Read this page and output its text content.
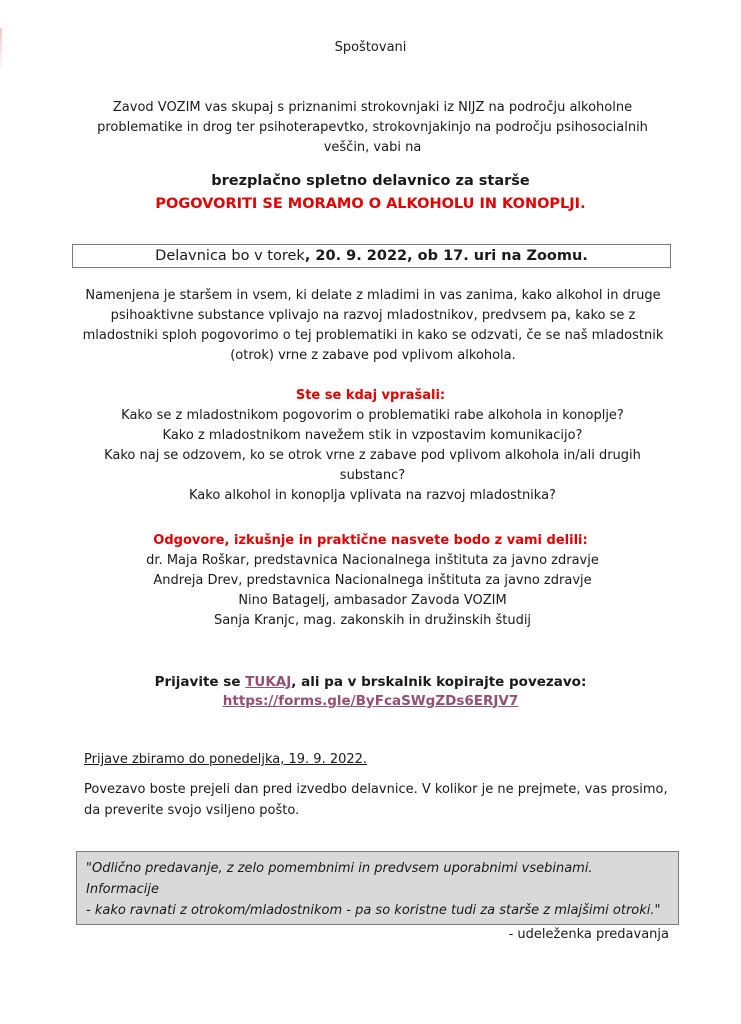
Spoštovani
Zavod VOZIM vas skupaj s priznanimi strokovnjaki iz NIJZ na področju alkoholne
problematike in drog ter psihoterapevtko, strokovnjakinjo na področju psihosocialnih
veščin, vabi na
brezplačno spletno delavnico za starše
POGOVORITI SE MORAMO O ALKOHOLU IN KONOPLJI.
Delavnica bo v torek, 20. 9. 2022, ob 17. uri na Zoomu.
Namenjena je staršem in vsem, ki delate z mladimi in vas zanima, kako alkohol in druge
psihoaktivne substance vplivajo na razvoj mladostnikov, predvsem pa, kako se z
mladostniki sploh pogovorimo o tej problematiki in kako se odzvati, če se naš mladostnik
(otrok) vrne z zabave pod vplivom alkohola.
Ste se kdaj vprašali:
Kako se z mladostnikom pogovorim o problematiki rabe alkohola in konoplje?
Kako z mladostnikom navežem stik in vzpostavim komunikacijo?
Kako naj se odzovem, ko se otrok vrne z zabave pod vplivom alkohola in/ali drugih
substanc?
Kako alkohol in konoplja vplivata na razvoj mladostnika?
Odgovore, izkušnje in praktične nasvete bodo z vami delili:
dr. Maja Roškar, predstavnica Nacionalnega inštituta za javno zdravje
Andreja Drev, predstavnica Nacionalnega inštituta za javno zdravje
Nino Batagelj, ambasador Zavoda VOZIM
Sanja Kranjc, mag. zakonskih in družinskih študij
Prijavite se TUKAJ, ali pa v brskalnik kopirajte povezavo:
https://forms.gle/ByFcaSWgZDs6ERJV7
Prijave zbiramo do ponedeljka, 19. 9. 2022.
Povezavo boste prejeli dan pred izvedbo delavnice. V kolikor je ne prejmete, vas prosimo,
da preverite svojo vsiljeno pošto.
"Odlično predavanje, z zelo pomembnimi in predvsem uporabnimi vsebinami. Informacije
- kako ravnati z otrokom/mladostnikom - pa so koristne tudi za starše z mlajšimi otroki."
- udeleženka predavanja
